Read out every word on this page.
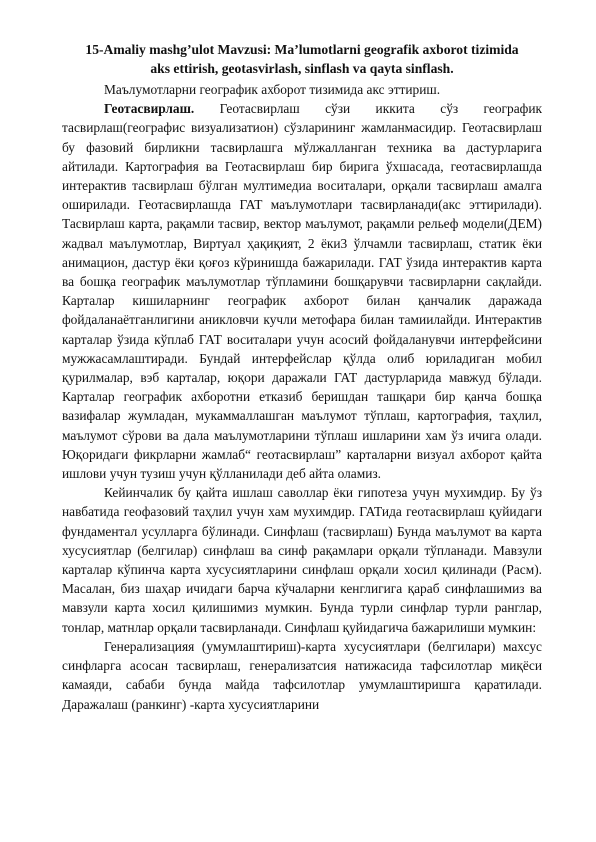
15-Amaliy mashg’ulot Mavzusi: Ma’lumotlarni geografik axborot tizimida
aks ettirish, geotasvirlash, sinflash va qayta sinflash.

Маълумотларни географик ахборот тизимида акс эттириш.

Геотасвирлаш. Геотасвирлаш сўзи иккита сўз географик тасвирлаш(географис визуализатион) сўзларининг жамланмасидир. Геотасвирлаш бу фазовий бирликни тасвирлашга мўлжалланган техника ва дастурларига айтилади. Картография ва Геотасвирлаш бир бирига ўхшасада, геотасвирлашда интерактив тасвирлаш бўлган мултимедиа воситалари, орқали тасвирлаш амалга оширилади. Геотасвирлашда ГАТ маълумотлари тасвирланади(акс эттирилади). Тасвирлаш карта, рақамли тасвир, вектор маълумот, рақамли рельеф модели(ДЕМ) жадвал маълумотлар, Виртуал ҳақиқият, 2 ёки3 ўлчамли тасвирлаш, статик ёки анимацион, дастур ёки қоғоз кўринишда бажарилади. ГАТ ўзида интерактив карта ва бошқа географик маълумотлар тўпламини бошқарувчи тасвирларни сақлайди. Карталар кишиларнинг географик ахборот билан қанчалик даражада фойдаланаётганлигини аникловчи кучли метофара билан тамиилайди. Интерактив карталар ўзида кўплаб ГАТ воситалари учун асосий фойдаланувчи интерфейсини мужжасамлаштиради. Бундай интерфейслар қўлда олиб юриладиган мобил қурилмалар, вэб карталар, юқори даражали ГАТ дастурларида мавжуд бўлади. Карталар географик ахборотни етказиб беришдан ташқари бир қанча бошқа вазифалар жумладан, мукаммаллашган маълумот тўплаш, картография, таҳлил, маълумот сўрови ва дала маълумотларини тўплаш ишларини хам ўз ичига олади. Юқоридаги фикрларни жамлаб“ геотасвирлаш” карталарни визуал ахборот қайта ишлови учун тузиш учун қўлланилади деб айта оламиз.

Кейинчалик бу қайта ишлаш саволлар ёки гипотеза учун мухимдир. Бу ўз навбатида геофазовий таҳлил учун хам мухимдир. ГАТида геотасвирлаш қуйидаги фундаментал усулларга бўлинади. Синфлаш (тасвирлаш) Бунда маълумот ва карта хусусиятлар (белгилар) синфлаш ва синф рақамлари орқали тўпланади. Мавзули карталар кўпинча карта хусусиятларини синфлаш орқали хосил қилинади (Расм). Масалан, биз шаҳар ичидаги барча кўчаларни кенглигига қараб синфлашимиз ва мавзули карта хосил қилишимиз мумкин. Бунда турли синфлар турли ранглар, тонлар, матнлар орқали тасвирланади. Синфлаш қуйидагича бажарилиши мумкин:

Генерализацияя (умумлаштириш)-карта хусусиятлари (белгилари) махсус синфларга асосан тасвирлаш, генерализатсия натижасида тафсилотлар миқёси камаяди, сабаби бунда майда тафсилотлар умумлаштиришга қаратилади. Даражалаш (ранкинг) -карта хусусиятларини
